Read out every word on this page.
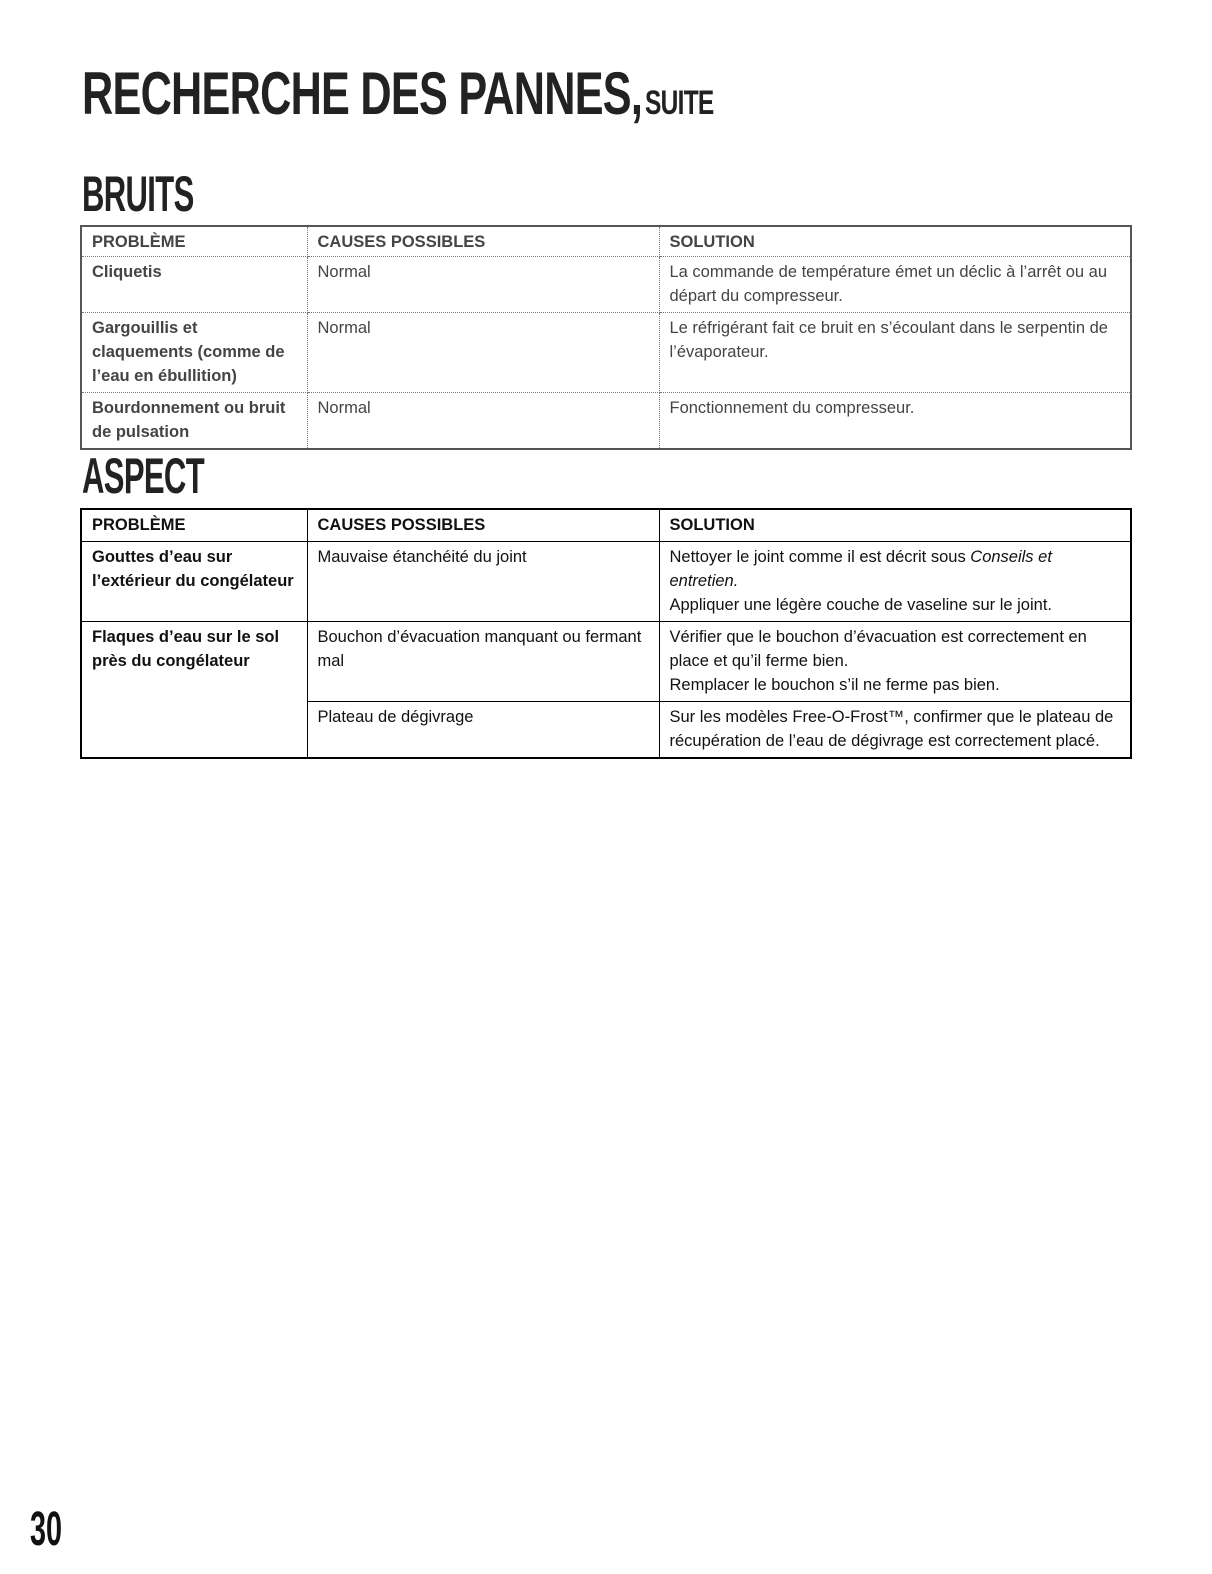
RECHERCHE DES PANNES,SUITE
BRUITS
PROBLÈME	CAUSES POSSIBLES	SOLUTION
Cliquetis	Normal	La commande de température émet un déclic à l’arrêt ou au départ du compresseur.
Gargouillis et claquements (comme de l’eau en ébullition)	Normal	Le réfrigérant fait ce bruit en s’écoulant dans le serpentin de l’évaporateur.
Bourdonnement ou bruit de pulsation	Normal	Fonctionnement du compresseur.
ASPECT
PROBLÈME	CAUSES POSSIBLES	SOLUTION
Gouttes d’eau sur l’extérieur du congélateur	Mauvaise étanchéité du joint	Nettoyer le joint comme il est décrit sous Conseils et entretien.
Appliquer une légère couche de vaseline sur le joint.
Flaques d’eau sur le sol près du congélateur	Bouchon d’évacuation manquant ou fermant mal	Vérifier que le bouchon d’évacuation est correctement en place et qu’il ferme bien.
Remplacer le bouchon s’il ne ferme pas bien.
	Plateau de dégivrage	Sur les modèles Free-O-Frost™, confirmer que le plateau de récupération de l’eau de dégivrage est correctement placé.
30
